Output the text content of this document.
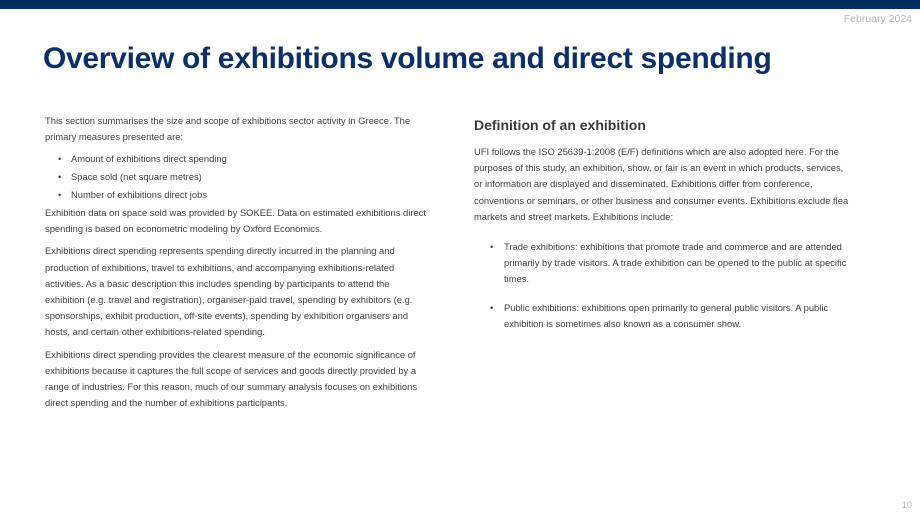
February 2024
Overview of exhibitions volume and direct spending

This section summarises the size and scope of exhibitions sector activity in Greece. The primary measures presented are:

• Amount of exhibitions direct spending
• Space sold (net square metres)
• Number of exhibitions direct jobs

Exhibition data on space sold was provided by SOKEE. Data on estimated exhibitions direct spending is based on econometric modeling by Oxford Economics.

Exhibitions direct spending represents spending directly incurred in the planning and production of exhibitions, travel to exhibitions, and accompanying exhibitions-related activities. As a basic description this includes spending by participants to attend the exhibition (e.g. travel and registration), organiser-paid travel, spending by exhibitors (e.g. sponsorships, exhibit production, off-site events), spending by exhibition organisers and hosts, and certain other exhibitions-related spending.

Exhibitions direct spending provides the clearest measure of the economic significance of exhibitions because it captures the full scope of services and goods directly provided by a range of industries. For this reason, much of our summary analysis focuses on exhibitions direct spending and the number of exhibitions participants.

Definition of an exhibition

UFI follows the ISO 25639-1:2008 (E/F) definitions which are also adopted here. For the purposes of this study, an exhibition, show, or fair is an event in which products, services, or information are displayed and disseminated. Exhibitions differ from conference, conventions or seminars, or other business and consumer events. Exhibitions exclude flea markets and street markets. Exhibitions include:

• Trade exhibitions: exhibitions that promote trade and commerce and are attended primarily by trade visitors. A trade exhibition can be opened to the public at specific times.
• Public exhibitions: exhibitions open primarily to general public visitors. A public exhibition is sometimes also known as a consumer show.
10
